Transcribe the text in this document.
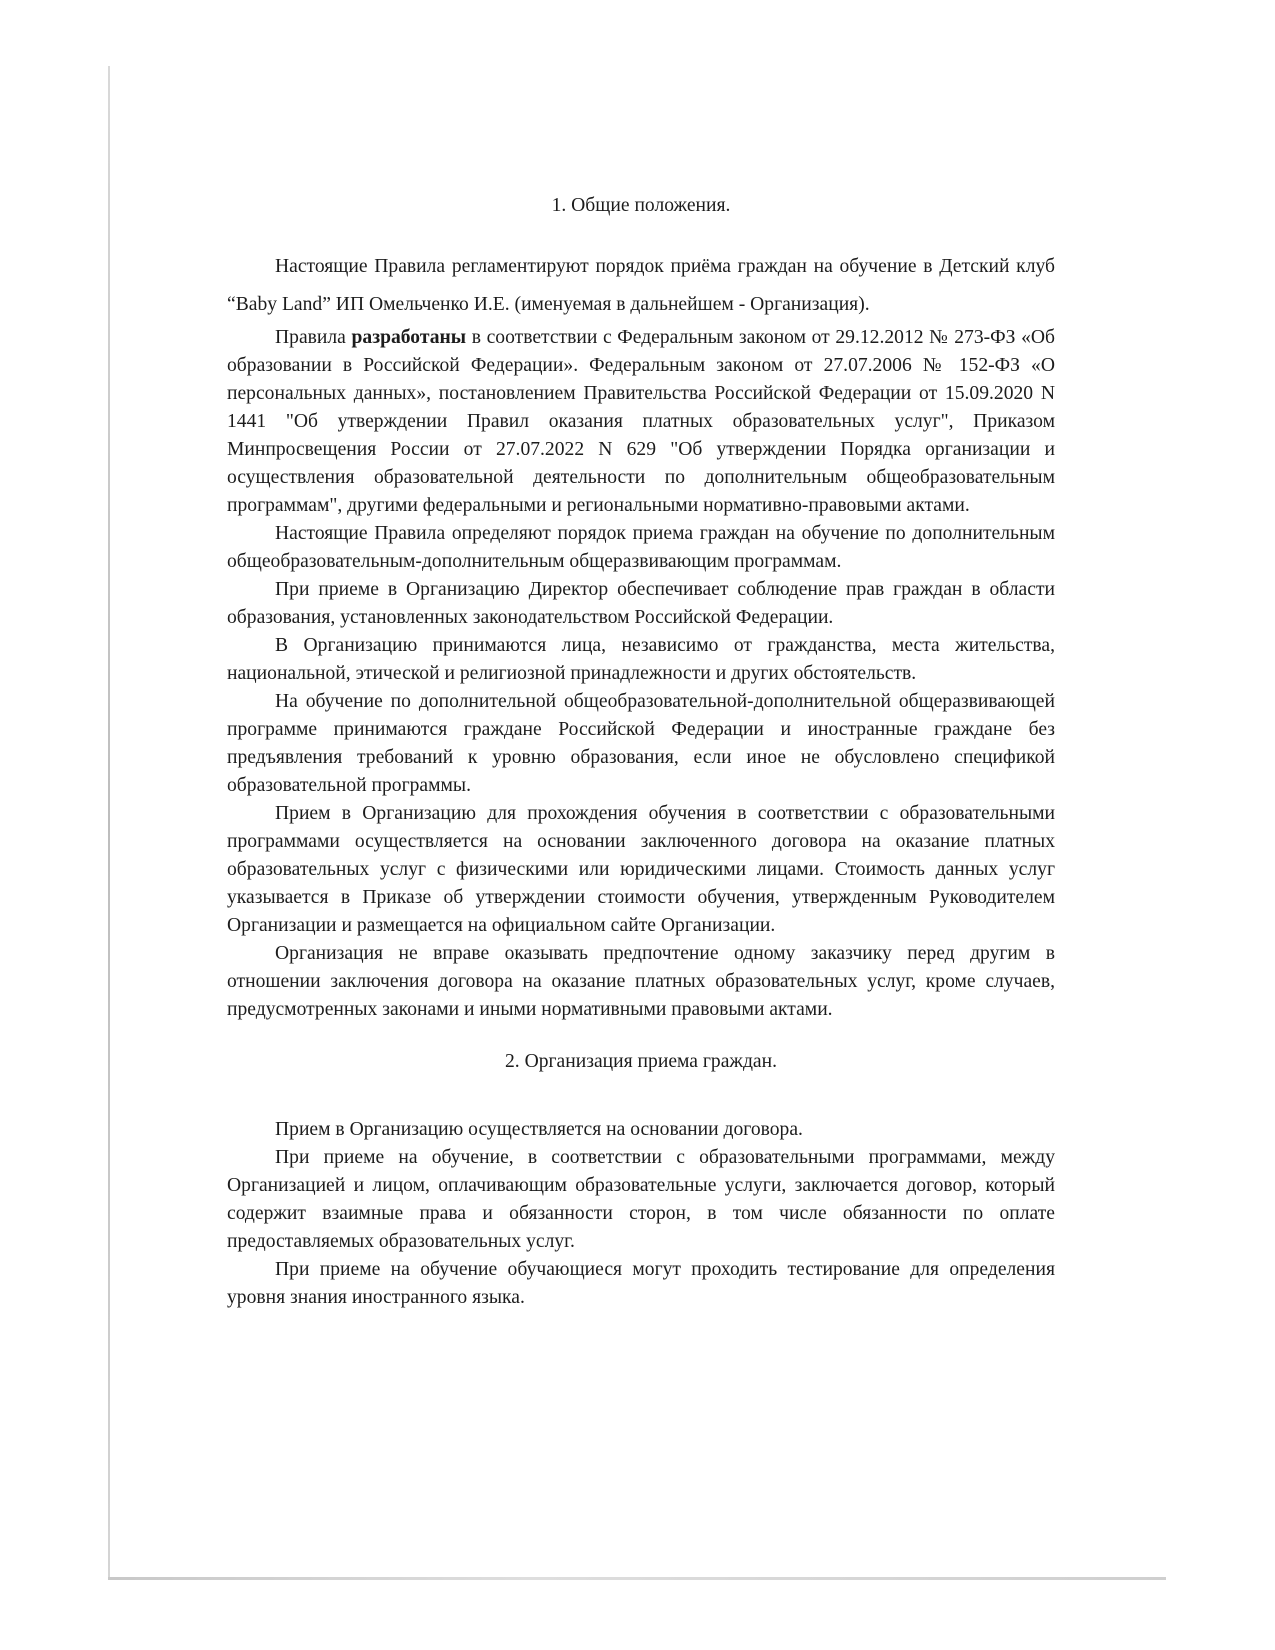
1. Общие положения.

Настоящие Правила регламентируют порядок приёма граждан на обучение в Детский клуб “Baby Land” ИП Омельченко И.Е. (именуемая в дальнейшем - Организация).

Правила разработаны в соответствии с Федеральным законом от 29.12.2012 № 273-ФЗ «Об образовании в Российской Федерации». Федеральным законом от 27.07.2006 № 152-ФЗ «О персональных данных», постановлением Правительства Российской Федерации от 15.09.2020 N 1441 "Об утверждении Правил оказания платных образовательных услуг", Приказом Минпросвещения России от 27.07.2022 N 629 "Об утверждении Порядка организации и осуществления образовательной деятельности по дополнительным общеобразовательным программам", другими федеральными и региональными нормативно-правовыми актами.

Настоящие Правила определяют порядок приема граждан на обучение по дополнительным общеобразовательным-дополнительным общеразвивающим программам.

При приеме в Организацию Директор обеспечивает соблюдение прав граждан в области образования, установленных законодательством Российской Федерации.

В Организацию принимаются лица, независимо от гражданства, места жительства, национальной, этической и религиозной принадлежности и других обстоятельств.

На обучение по дополнительной общеобразовательной-дополнительной общеразвивающей программе принимаются граждане Российской Федерации и иностранные граждане без предъявления требований к уровню образования, если иное не обусловлено спецификой образовательной программы.

Прием в Организацию для прохождения обучения в соответствии с образовательными программами осуществляется на основании заключенного договора на оказание платных образовательных услуг с физическими или юридическими лицами. Стоимость данных услуг указывается в Приказе об утверждении стоимости обучения, утвержденным Руководителем Организации и размещается на официальном сайте Организации.

Организация не вправе оказывать предпочтение одному заказчику перед другим в отношении заключения договора на оказание платных образовательных услуг, кроме случаев, предусмотренных законами и иными нормативными правовыми актами.

2. Организация приема граждан.

Прием в Организацию осуществляется на основании договора.

При приеме на обучение, в соответствии с образовательными программами, между Организацией и лицом, оплачивающим образовательные услуги, заключается договор, который содержит взаимные права и обязанности сторон, в том числе обязанности по оплате предоставляемых образовательных услуг.

При приеме на обучение обучающиеся могут проходить тестирование для определения уровня знания иностранного языка.
